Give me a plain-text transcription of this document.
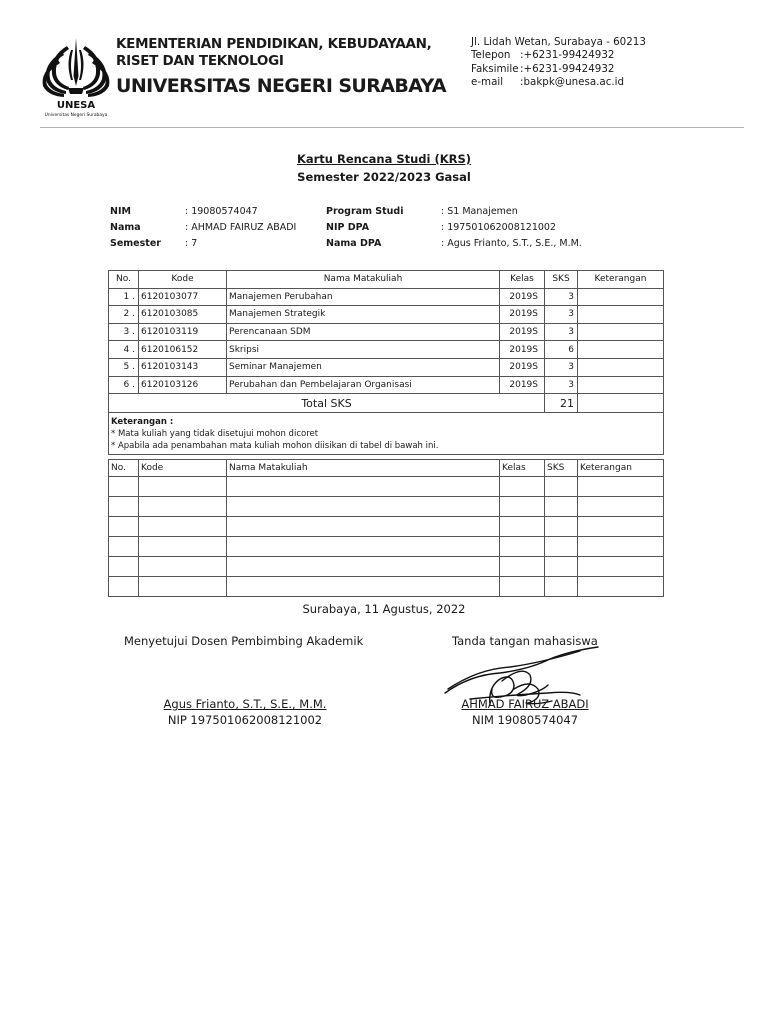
UNESA
Universitas Negeri Surabaya
KEMENTERIAN PENDIDIKAN, KEBUDAYAAN,
RISET DAN TEKNOLOGI
UNIVERSITAS NEGERI SURABAYA
Jl. Lidah Wetan, Surabaya - 60213
Telepon :+6231-99424932
Faksimile:+6231-99424932
e-mail :bakpk@unesa.ac.id
Kartu Rencana Studi (KRS)
Semester 2022/2023 Gasal
NIM	: 19080574047
Nama	: AHMAD FAIRUZ ABADI
Semester	: 7
Program Studi	: S1 Manajemen
NIP DPA	: 197501062008121002
Nama DPA	: Agus Frianto, S.T., S.E., M.M.
No.	Kode	Nama Matakuliah	Kelas	SKS	Keterangan
1 .	6120103077	Manajemen Perubahan	2019S	3	
2 .	6120103085	Manajemen Strategik	2019S	3	
3 .	6120103119	Perencanaan SDM	2019S	3	
4 .	6120106152	Skripsi	2019S	6	
5 .	6120103143	Seminar Manajemen	2019S	3	
6 .	6120103126	Perubahan dan Pembelajaran Organisasi	2019S	3	
Total SKS				21	

Keterangan :
* Mata kuliah yang tidak disetujui mohon dicoret
* Apabila ada penambahan mata kuliah mohon diisikan di tabel di bawah ini.					
No.	Kode	Nama Matakuliah	Kelas	SKS	Keterangan

Surabaya, 11 Agustus, 2022
Menyetujui Dosen Pembimbing Akademik	Tanda tangan mahasiswa
Agus Frianto, S.T., S.E., M.M.
NIP 197501062008121002
AHMAD FAIRUZ ABADI
NIM 19080574047
